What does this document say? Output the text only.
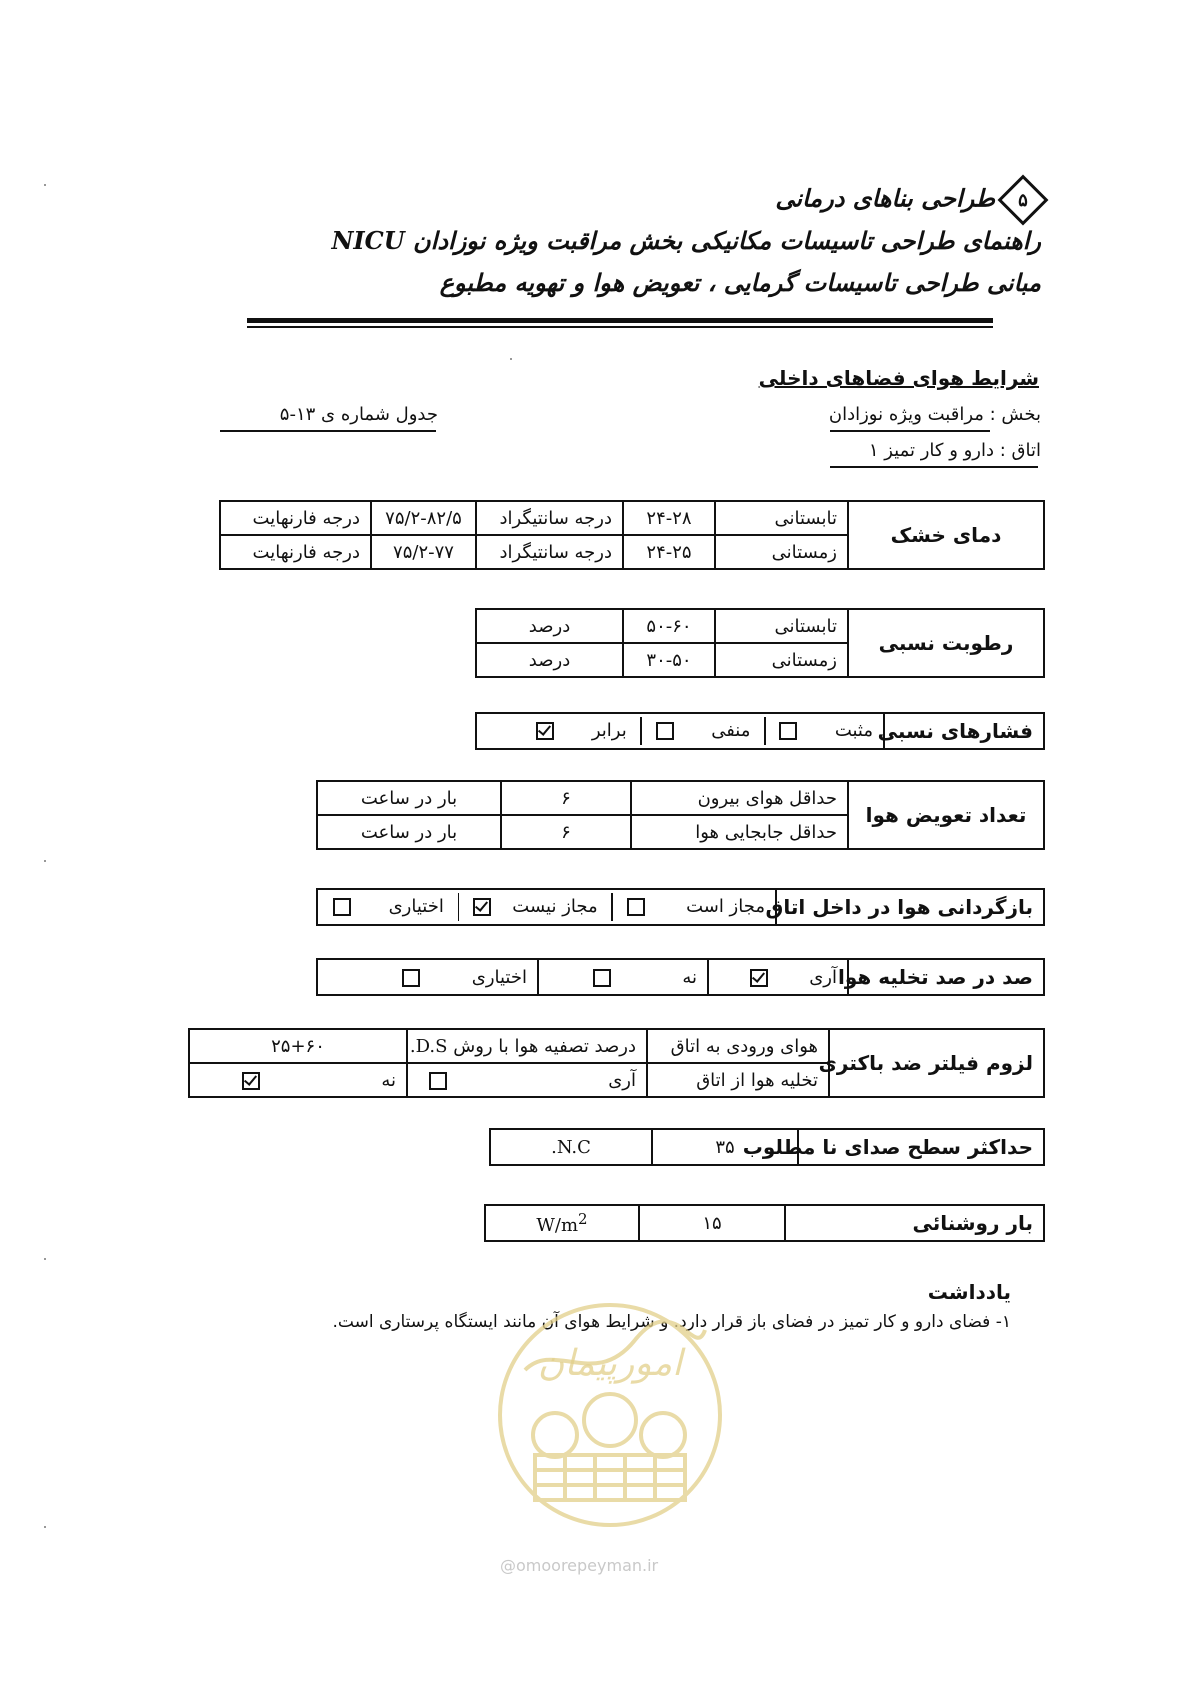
۵
طراحی بناهای درمانی
راهنمای طراحی تاسیسات مکانیکی بخش مراقبت ویژه نوزادان NICU
مبانی طراحی تاسیسات گرمایی ، تعویض هوا و تهویه مطبوع
شرایط هوای فضاهای داخلی
بخش : مراقبت ویژه نوزادان
جدول شماره ی ۱۳-۵
اتاق : دارو و کار تمیز ۱
دمای خشک	تابستانی	۲۴-۲۸	درجه سانتیگراد	۷۵/۲-۸۲/۵	درجه فارنهایت
	زمستانی	۲۴-۲۵	درجه سانتیگراد	۷۵/۲-۷۷	درجه فارنهایت
رطوبت نسبی	تابستانی	۵۰-۶۰	درصد
	زمستانی	۳۰-۵۰	درصد
فشارهای نسبی	مثبت    منفی    برابر
تعداد تعویض هوا	حداقل هوای بیرون	۶	بار در ساعت
	حداقل جابجایی هوا	۶	بار در ساعت
بازگردانی هوا در داخل اتاق	مجاز است    مجاز نیست    اختیاری
صد در صد تخلیه هوا	آری	نه	اختیاری
لزوم فیلتر ضد باکتری	هوای ورودی به اتاق	درصد تصفیه هوا با روش D.S.	۲۵+۶۰
	تخلیه هوا از اتاق	آری	نه
حداکثر سطح صدای نا مطلوب	۳۵	N.C.
بار روشنائی	۱۵	$W/m^2$
یادداشت
۱- فضای دارو و کار تمیز در فضای باز قرار دارد. و شرایط هوای آن مانند ایستگاه پرستاری است.
امورپیمان
@omoorepeyman.ir
